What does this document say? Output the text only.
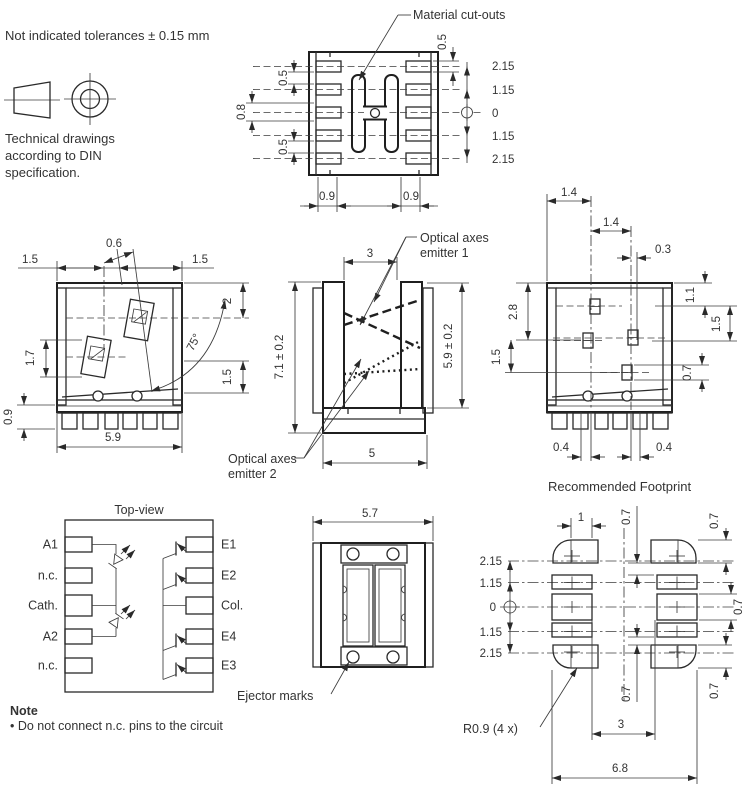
Not indicated tolerances ± 0.15 mm
Technical drawings
according to DIN
specification.
Material cut-outs
2.15
1.15
0
1.15
2.15
0.5
0.5
0.8
0.5
0.9	0.9
1.5
0.6
1.5
2
75°
1.5
1.7
0.9
5.9
3
7.1 ± 0.2	5.9 ± 0.2
5
Optical axes
emitter 1
Optical axes
emitter 2
1.4
1.4
0.3
1.1
1.5
0.7
2.8
1.5
0.4	0.4
Top-view
A1
n.c.
Cath.
A2
n.c.
E1
E2
Col.
E4
E3
Note
• Do not connect n.c. pins to the circuit
5.7
Ejector marks
Recommended Footprint
2.15
1.15
0
1.15
2.15
1	0.7	0.7
0.7
0.7	0.7
3
6.8
R0.9 (4 x)
